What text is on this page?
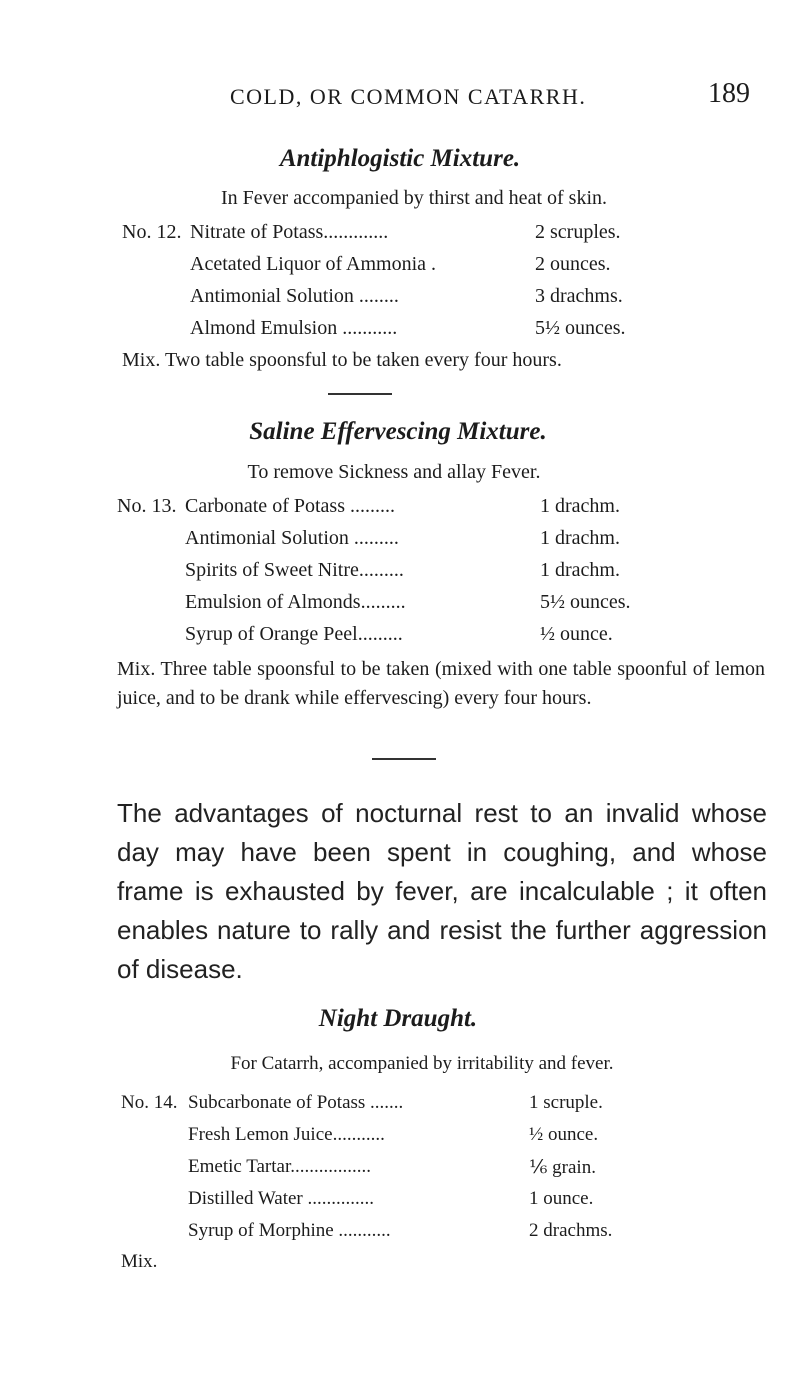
COLD, OR COMMON CATARRH.	189
Antiphlogistic Mixture.
In Fever accompanied by thirst and heat of skin.
No. 12. Nitrate of Potass.............	2 scruples.
Acetated Liquor of Ammonia .	2 ounces.
Antimonial Solution ........	3 drachms.
Almond Emulsion ...........	5½ ounces.
Mix. Two table spoonsful to be taken every four hours.
Saline Effervescing Mixture.
To remove Sickness and allay Fever.
No. 13. Carbonate of Potass .........	1 drachm.
Antimonial Solution .........	1 drachm.
Spirits of Sweet Nitre.........	1 drachm.
Emulsion of Almonds.........	5½ ounces.
Syrup of Orange Peel.........	½ ounce.
Mix. Three table spoonsful to be taken (mixed with one table spoonful of lemon juice, and to be drank while effervescing) every four hours.
The advantages of nocturnal rest to an invalid whose day may have been spent in coughing, and whose frame is exhausted by fever, are incalculable ; it often enables nature to rally and resist the further aggression of disease.
Night Draught.
For Catarrh, accompanied by irritability and fever.
No. 14. Subcarbonate of Potass .......	1 scruple.
Fresh Lemon Juice...........	½ ounce.
Emetic Tartar.................	⅙ grain.
Distilled Water ..............	1 ounce.
Syrup of Morphine ...........	2 drachms.
Mix.
